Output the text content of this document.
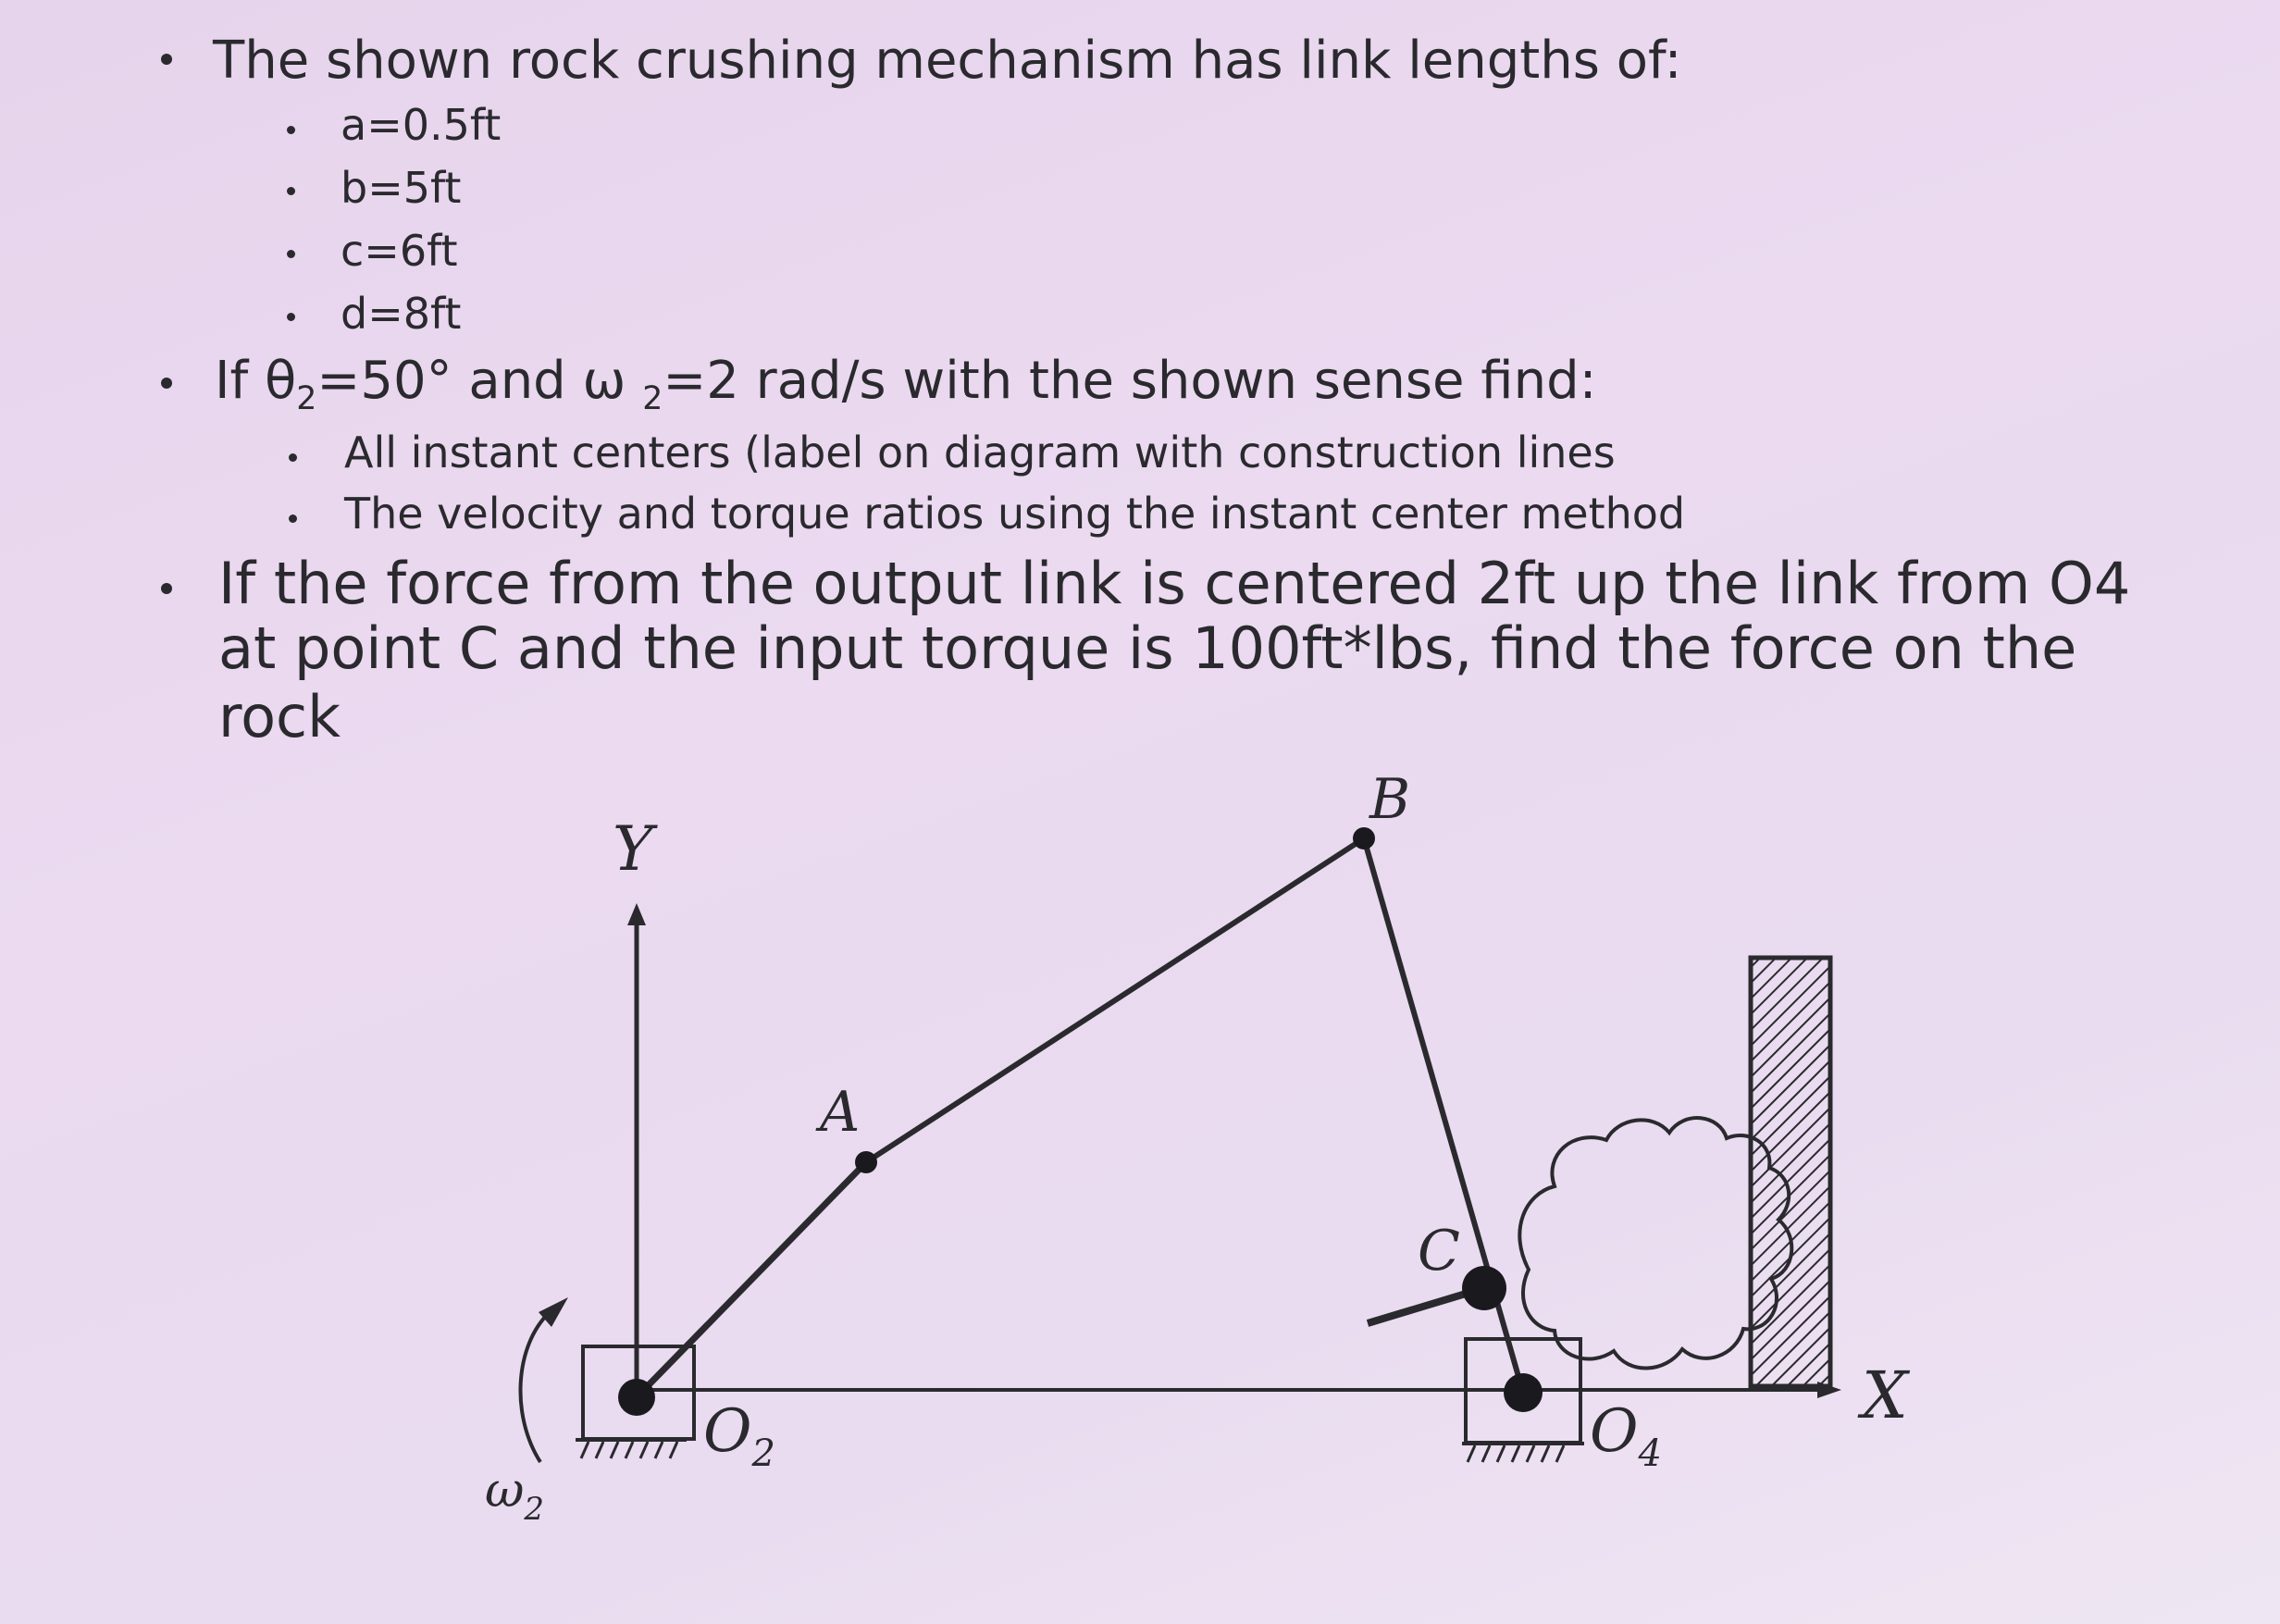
The shown rock crushing mechanism has link lengths of:
a=0.5ft
b=5ft
c=6ft
d=8ft
If $\theta_2=50^\circ$ and ω $_2$=2 rad/s with the shown sense find:
All instant centers (label on diagram with construction lines
The velocity and torque ratios using the instant center method
If the force from the output link is centered 2ft up the link from O4
at point C and the input torque is 100ft*lbs, find the force on the
rock
Y
X
$O_2$	$O_4$
A
B
C
$\omega_2$
